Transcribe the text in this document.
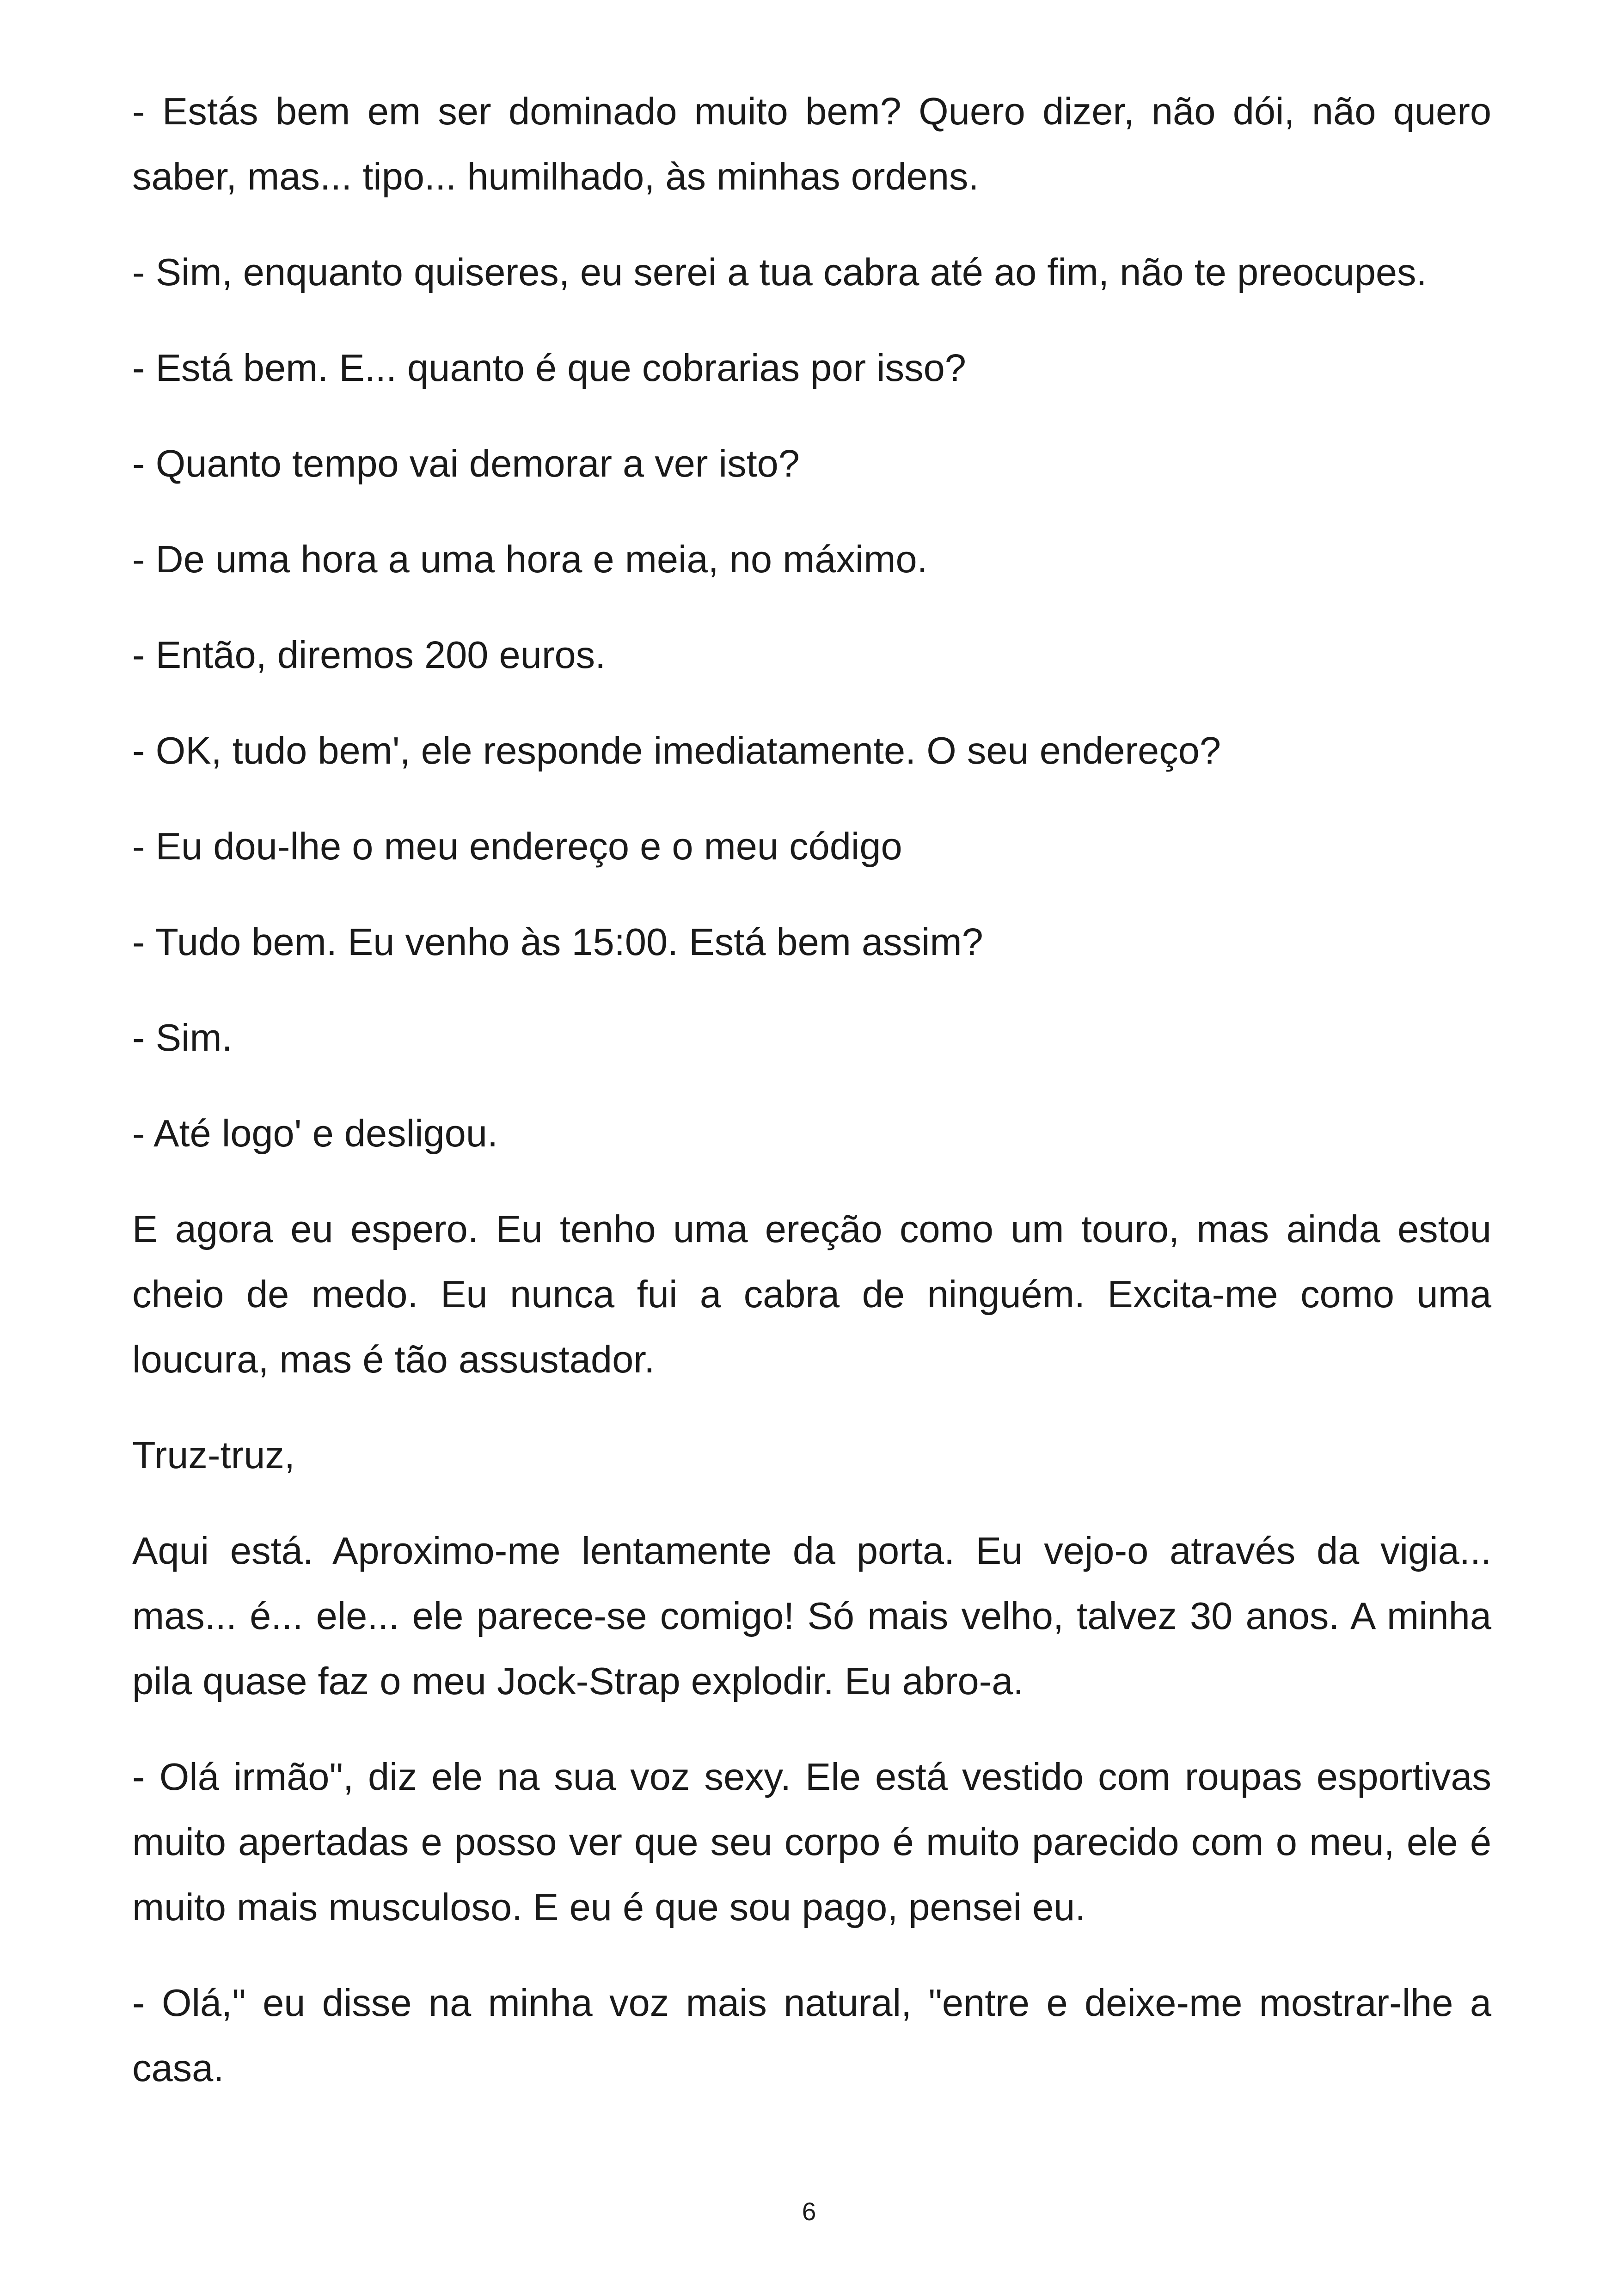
- Estás bem em ser dominado muito bem? Quero dizer, não dói, não quero saber, mas... tipo... humilhado, às minhas ordens.

- Sim, enquanto quiseres, eu serei a tua cabra até ao fim, não te preocupes.

- Está bem. E... quanto é que cobrarias por isso?

- Quanto tempo vai demorar a ver isto?

- De uma hora a uma hora e meia, no máximo.

- Então, diremos 200 euros.

- OK, tudo bem', ele responde imediatamente. O seu endereço?

- Eu dou-lhe o meu endereço e o meu código

- Tudo bem. Eu venho às 15:00. Está bem assim?

- Sim.

- Até logo' e desligou.

E agora eu espero. Eu tenho uma ereção como um touro, mas ainda estou cheio de medo. Eu nunca fui a cabra de ninguém. Excita-me como uma loucura, mas é tão assustador.

Truz-truz,

Aqui está. Aproximo-me lentamente da porta. Eu vejo-o através da vigia... mas... é... ele... ele parece-se comigo! Só mais velho, talvez 30 anos. A minha pila quase faz o meu Jock-Strap explodir. Eu abro-a.

- Olá irmão", diz ele na sua voz sexy. Ele está vestido com roupas esportivas muito apertadas e posso ver que seu corpo é muito parecido com o meu, ele é muito mais musculoso. E eu é que sou pago, pensei eu.

- Olá," eu disse na minha voz mais natural, "entre e deixe-me mostrar-lhe a casa.

6
